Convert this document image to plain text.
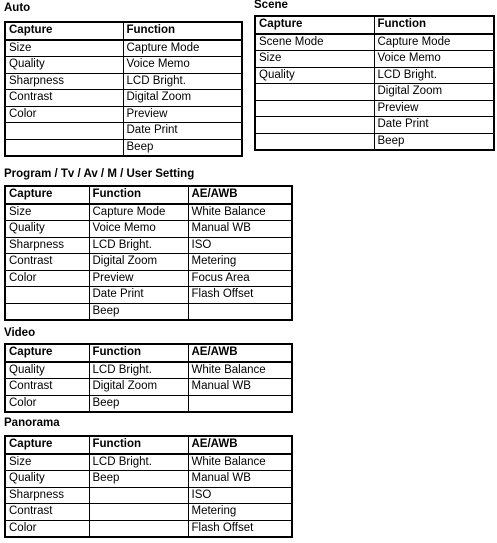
Auto
Capture	Function
Size	Capture Mode
Quality	Voice Memo
Sharpness	LCD Bright.
Contrast	Digital Zoom
Color	Preview
	Date Print
	Beep
Scene
Capture	Function
Scene Mode	Capture Mode
Size	Voice Memo
Quality	LCD Bright.
	Digital Zoom
	Preview
	Date Print
	Beep
Program / Tv / Av / M / User Setting
Capture	Function	AE/AWB
Size	Capture Mode	White Balance
Quality	Voice Memo	Manual WB
Sharpness	LCD Bright.	ISO
Contrast	Digital Zoom	Metering
Color	Preview	Focus Area
	Date Print	Flash Offset
	Beep	
Video
Capture	Function	AE/AWB
Quality	LCD Bright.	White Balance
Contrast	Digital Zoom	Manual WB
Color	Beep	
Panorama
Capture	Function	AE/AWB
Size	LCD Bright.	White Balance
Quality	Beep	Manual WB
Sharpness		ISO
Contrast		Metering
Color		Flash Offset
